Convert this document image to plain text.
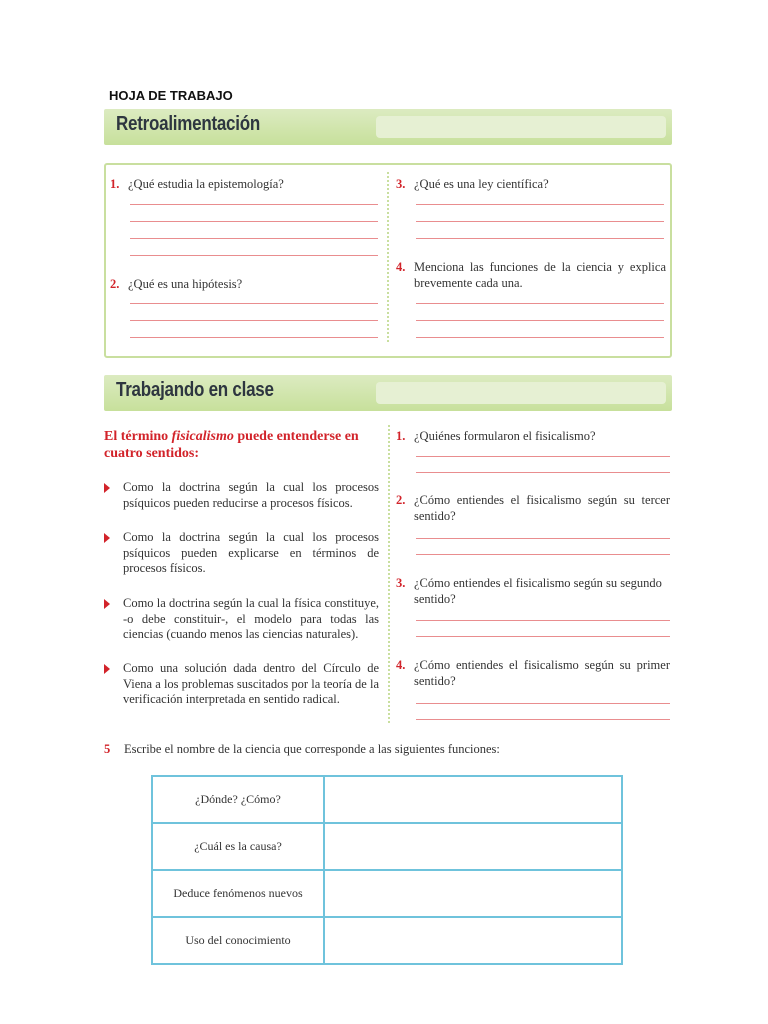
HOJA DE TRABAJO
Retroalimentación
1. ¿Qué estudia la epistemología?
2. ¿Qué es una hipótesis?
3. ¿Qué es una ley científica?
4. Menciona las funciones de la ciencia y explica brevemente cada una.
Trabajando en clase
El término fisicalismo puede entenderse en cuatro sentidos:
Como la doctrina según la cual los procesos psíquicos pueden reducirse a procesos físicos.
Como la doctrina según la cual los procesos psíquicos pueden explicarse en términos de procesos físicos.
Como la doctrina según la cual la física constituye, -o debe constituir-, el modelo para todas las ciencias (cuando menos las ciencias naturales).
Como una solución dada dentro del Círculo de Viena a los problemas suscitados por la teoría de la verificación interpretada en sentido radical.
1. ¿Quiénes formularon el fisicalismo?
2. ¿Cómo entiendes el fisicalismo según su tercer sentido?
3. ¿Cómo entiendes el fisicalismo según su segundo sentido?
4. ¿Cómo entiendes el fisicalismo según su primer sentido?
5 Escribe el nombre de la ciencia que corresponde a las siguientes funciones:
¿Dónde? ¿Cómo?	
¿Cuál es la causa?	
Deduce fenómenos nuevos	
Uso del conocimiento	
